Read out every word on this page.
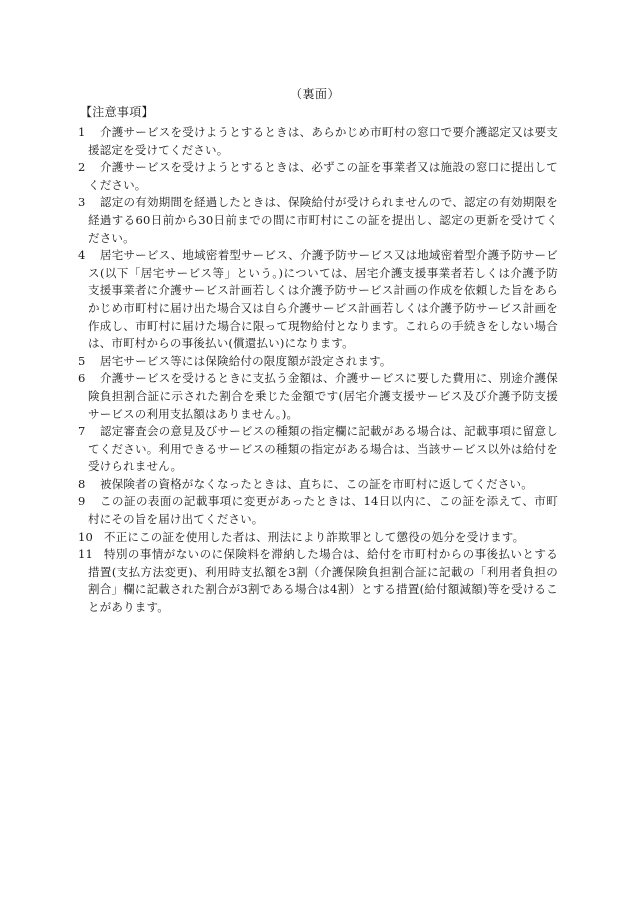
（裏面）
【注意事項】
1	介護サービスを受けようとするときは、あらかじめ市町村の窓口で要介護認定又は要支援認定を受けてください。
2	介護サービスを受けようとするときは、必ずこの証を事業者又は施設の窓口に提出してください。
3	認定の有効期間を経過したときは、保険給付が受けられませんので、認定の有効期限を経過する60日前から30日前までの間に市町村にこの証を提出し、認定の更新を受けてください。
4	居宅サービス、地域密着型サービス、介護予防サービス又は地域密着型介護予防サービス(以下「居宅サービス等」という。)については、居宅介護支援事業者若しくは介護予防支援事業者に介護サービス計画若しくは介護予防サービス計画の作成を依頼した旨をあらかじめ市町村に届け出た場合又は自ら介護サービス計画若しくは介護予防サービス計画を作成し、市町村に届けた場合に限って現物給付となります。これらの手続きをしない場合は、市町村からの事後払い(償還払い)になります。
5	居宅サービス等には保険給付の限度額が設定されます。
6	介護サービスを受けるときに支払う金額は、介護サービスに要した費用に、別途介護保険負担割合証に示された割合を乗じた金額です(居宅介護支援サービス及び介護予防支援サービスの利用支払額はありません。)。
7	認定審査会の意見及びサービスの種類の指定欄に記載がある場合は、記載事項に留意してください。利用できるサービスの種類の指定がある場合は、当該サービス以外は給付を受けられません。
8	被保険者の資格がなくなったときは、直ちに、この証を市町村に返してください。
9	この証の表面の記載事項に変更があったときは、14日以内に、この証を添えて、市町村にその旨を届け出てください。
10 不正にこの証を使用した者は、刑法により詐欺罪として懲役の処分を受けます。
11 特別の事情がないのに保険料を滞納した場合は、給付を市町村からの事後払いとする措置(支払方法変更)、利用時支払額を3割（介護保険負担割合証に記載の「利用者負担の割合」欄に記載された割合が3割である場合は4割）とする措置(給付額減額)等を受けることがあります。
